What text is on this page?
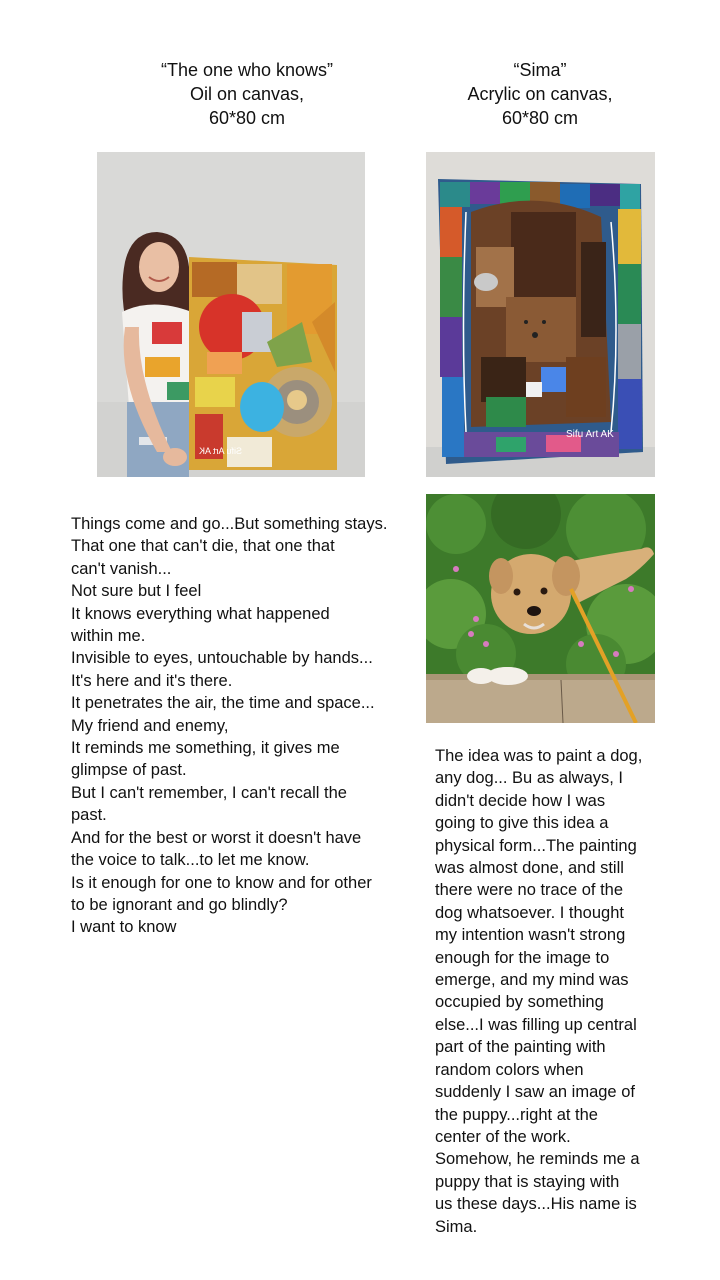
“The one who knows”
Oil on canvas,
60*80 cm
“Sima”
Acrylic on canvas,
60*80 cm
Sifu Art AK
Sifu Art AK
Things come and go...But something stays.
That one that can't die, that one that
can't vanish...
Not sure but I feel
It knows everything what happened
within me.
Invisible to eyes, untouchable by hands...
It's here and it's there.
It penetrates the air, the time and space...
My friend and enemy,
It reminds me something, it gives me
glimpse of past.
But I can't remember, I can't recall the
past.
And for the best or worst it doesn't have
the voice to talk...to let me know.
Is it enough for one to know and for other
to be ignorant and go blindly?
I want to know
The idea was to paint a dog,
any dog... Bu as always, I
didn't decide how I was
going to give this idea a
physical form...The painting
was almost done, and still
there were no trace of the
dog whatsoever. I thought
my intention wasn't strong
enough for the image to
emerge, and my mind was
occupied by something
else...I was filling up central
part of the painting with
random colors when
suddenly I saw an image of
the puppy...right at the
center of the work.
Somehow, he reminds me a
puppy that is staying with
us these days...His name is
Sima.
